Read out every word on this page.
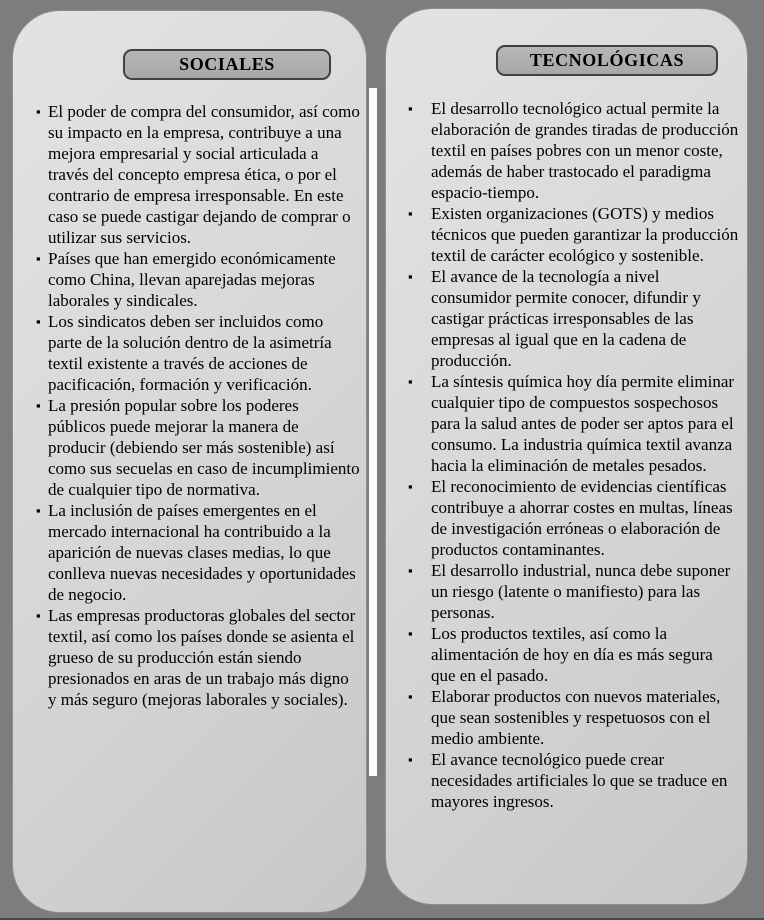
SOCIALES
▪ El poder de compra del consumidor, así como su impacto en la empresa, contribuye a una mejora empresarial y social articulada a través del concepto empresa ética, o por el contrario de empresa irresponsable. En este caso se puede castigar dejando de comprar o utilizar sus servicios.
▪ Países que han emergido económicamente como China, llevan aparejadas mejoras laborales y sindicales.
▪ Los sindicatos deben ser incluidos como parte de la solución dentro de la asimetría textil existente a través de acciones de pacificación, formación y verificación.
▪ La presión popular sobre los poderes públicos puede mejorar la manera de producir (debiendo ser más sostenible) así como sus secuelas en caso de incumplimiento de cualquier tipo de normativa.
▪ La inclusión de países emergentes en el mercado internacional ha contribuido a la aparición de nuevas clases medias, lo que conlleva nuevas necesidades y oportunidades de negocio.
▪ Las empresas productoras globales del sector textil, así como los países donde se asienta el grueso de su producción están siendo presionados en aras de un trabajo más digno y más seguro (mejoras laborales y sociales).
TECNOLÓGICAS
▪ El desarrollo tecnológico actual permite la elaboración de grandes tiradas de producción textil en países pobres con un menor coste, además de haber trastocado el paradigma espacio-tiempo.
▪ Existen organizaciones (GOTS) y medios técnicos que pueden garantizar la producción textil de carácter ecológico y sostenible.
▪ El avance de la tecnología a nivel consumidor permite conocer, difundir y castigar prácticas irresponsables de las empresas al igual que en la cadena de producción.
▪ La síntesis química hoy día permite eliminar cualquier tipo de compuestos sospechosos para la salud antes de poder ser aptos para el consumo. La industria química textil avanza hacia la eliminación de metales pesados.
▪ El reconocimiento de evidencias científicas contribuye a ahorrar costes en multas, líneas de investigación erróneas o elaboración de productos contaminantes.
▪ El desarrollo industrial, nunca debe suponer un riesgo (latente o manifiesto) para las personas.
▪ Los productos textiles, así como la alimentación de hoy en día es más segura que en el pasado.
▪ Elaborar productos con nuevos materiales, que sean sostenibles y respetuosos con el medio ambiente.
▪ El avance tecnológico puede crear necesidades artificiales lo que se traduce en mayores ingresos.
